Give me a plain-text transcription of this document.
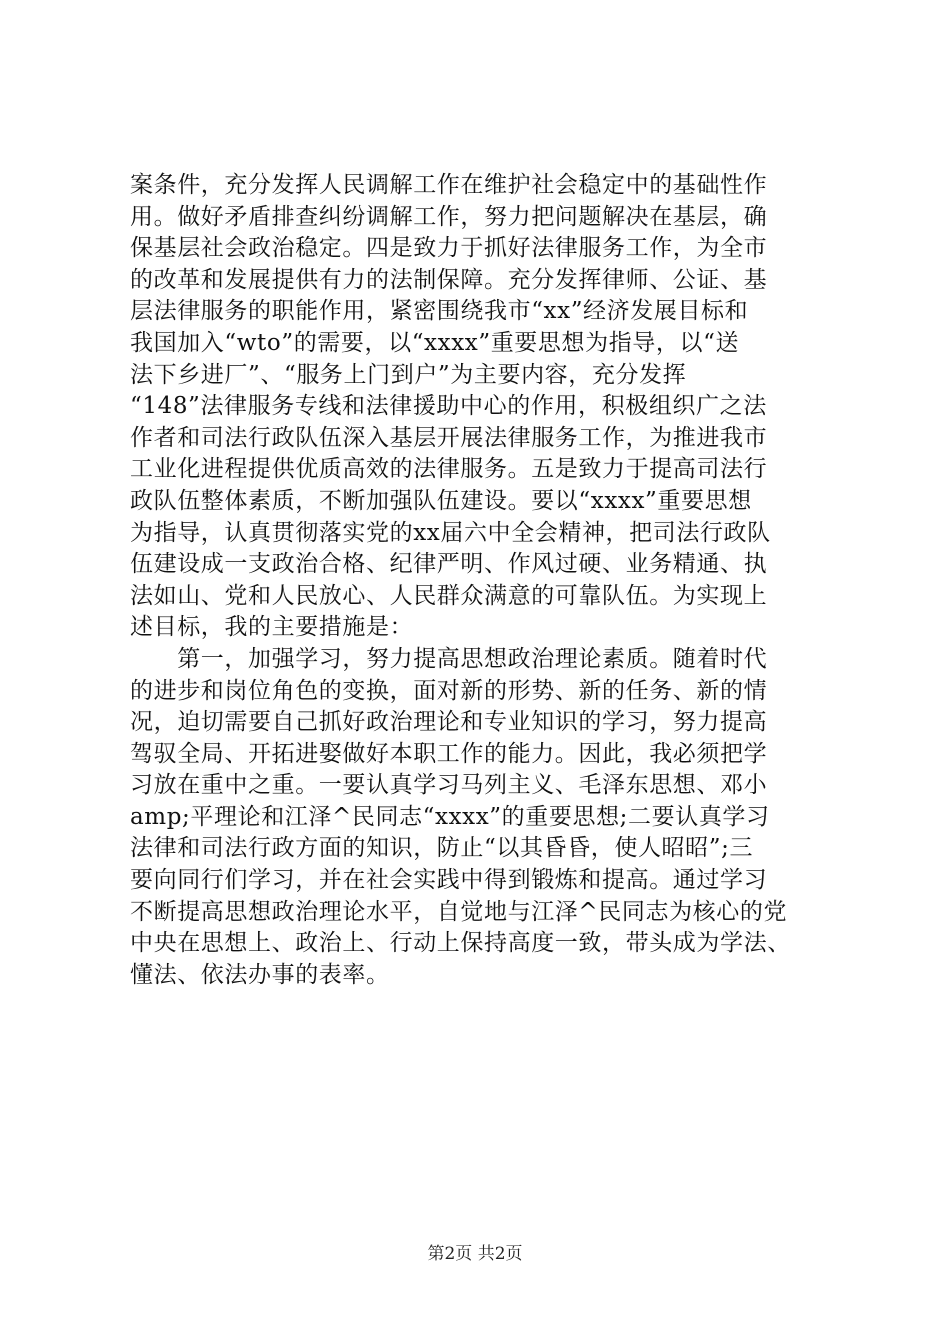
案条件，充分发挥人民调解工作在维护社会稳定中的基础性作
用。做好矛盾排查纠纷调解工作，努力把问题解决在基层，确
保基层社会政治稳定。四是致力于抓好法律服务工作，为全市
的改革和发展提供有力的法制保障。充分发挥律师、公证、基
层法律服务的职能作用，紧密围绕我市“xx”经济发展目标和
我国加入“wto”的需要，以“xxxx”重要思想为指导，以“送
法下乡进厂”、“服务上门到户”为主要内容，充分发挥
“148”法律服务专线和法律援助中心的作用，积极组织广之法
作者和司法行政队伍深入基层开展法律服务工作，为推进我市
工业化进程提供优质高效的法律服务。五是致力于提高司法行
政队伍整体素质，不断加强队伍建设。要以“xxxx”重要思想
为指导，认真贯彻落实党的xx届六中全会精神，把司法行政队
伍建设成一支政治合格、纪律严明、作风过硬、业务精通、执
法如山、党和人民放心、人民群众满意的可靠队伍。为实现上
述目标，我的主要措施是：
　　第一，加强学习，努力提高思想政治理论素质。随着时代
的进步和岗位角色的变换，面对新的形势、新的任务、新的情
况，迫切需要自己抓好政治理论和专业知识的学习，努力提高
驾驭全局、开拓进娶做好本职工作的能力。因此，我必须把学
习放在重中之重。一要认真学习马列主义、毛泽东思想、邓小
amp;平理论和江泽^民同志“xxxx”的重要思想;二要认真学习
法律和司法行政方面的知识，防止“以其昏昏，使人昭昭”;三
要向同行们学习，并在社会实践中得到锻炼和提高。通过学习
不断提高思想政治理论水平，自觉地与江泽^民同志为核心的党
中央在思想上、政治上、行动上保持高度一致，带头成为学法、
懂法、依法办事的表率。
第2页 共2页
